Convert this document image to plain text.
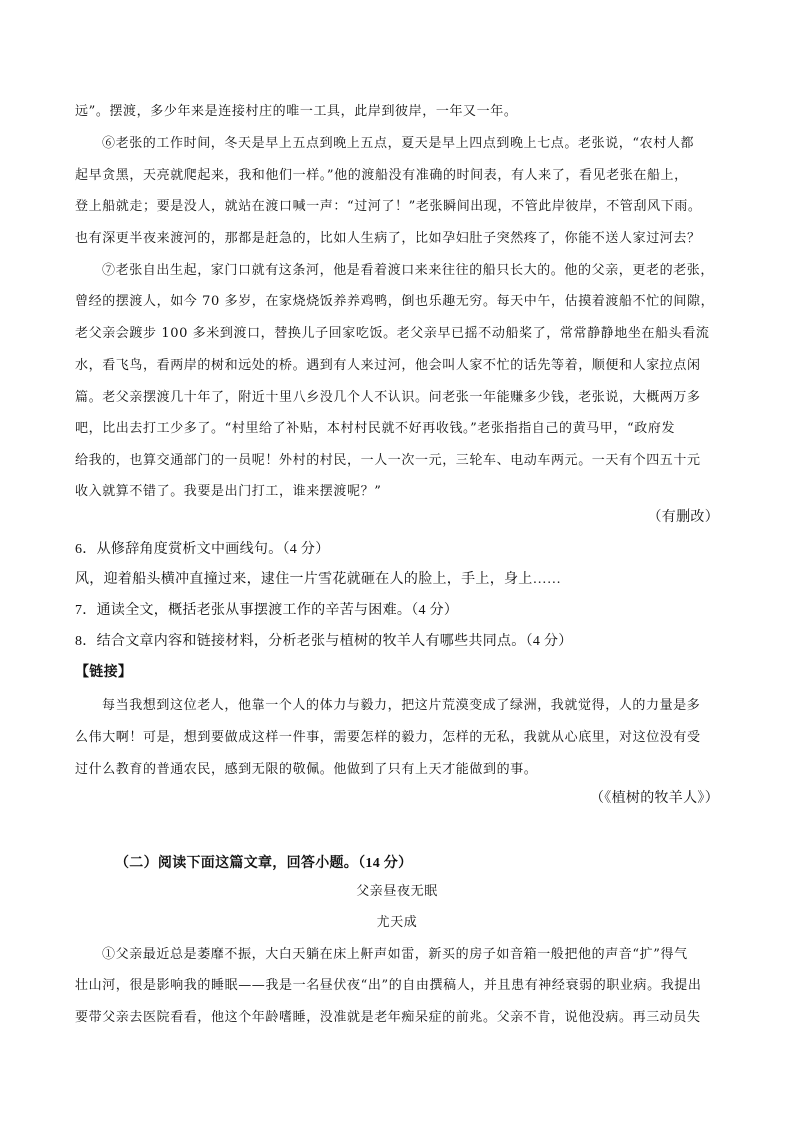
远”。摆渡，多少年来是连接村庄的唯一工具，此岸到彼岸，一年又一年。
⑥老张的工作时间，冬天是早上五点到晚上五点，夏天是早上四点到晚上七点。老张说，“农村人都
起早贪黑，天亮就爬起来，我和他们一样。”他的渡船没有准确的时间表，有人来了，看见老张在船上，
登上船就走；要是没人，就站在渡口喊一声：“过河了！”老张瞬间出现，不管此岸彼岸，不管刮风下雨。
也有深更半夜来渡河的，那都是赶急的，比如人生病了，比如孕妇肚子突然疼了，你能不送人家过河去？
⑦老张自出生起，家门口就有这条河，他是看着渡口来来往往的船只长大的。他的父亲，更老的老张，
曾经的摆渡人，如今 70 多岁，在家烧烧饭养养鸡鸭，倒也乐趣无穷。每天中午，估摸着渡船不忙的间隙，
老父亲会踱步 100 多米到渡口，替换儿子回家吃饭。老父亲早已摇不动船桨了，常常静静地坐在船头看流
水，看飞鸟，看两岸的树和远处的桥。遇到有人来过河，他会叫人家不忙的话先等着，顺便和人家拉点闲
篇。老父亲摆渡几十年了，附近十里八乡没几个人不认识。问老张一年能赚多少钱，老张说，大概两万多
吧，比出去打工少多了。“村里给了补贴，本村村民就不好再收钱。”老张指指自己的黄马甲，“政府发
给我的，也算交通部门的一员呢！外村的村民，一人一次一元，三轮车、电动车两元。一天有个四五十元
收入就算不错了。我要是出门打工，谁来摆渡呢？”
（有删改）
6．从修辞角度赏析文中画线句。（4 分）
风，迎着船头横冲直撞过来，逮住一片雪花就砸在人的脸上，手上，身上……
7．通读全文，概括老张从事摆渡工作的辛苦与困难。（4 分）
8．结合文章内容和链接材料，分析老张与植树的牧羊人有哪些共同点。（4 分）
【链接】
每当我想到这位老人，他靠一个人的体力与毅力，把这片荒漠变成了绿洲，我就觉得，人的力量是多
么伟大啊！可是，想到要做成这样一件事，需要怎样的毅力，怎样的无私，我就从心底里，对这位没有受
过什么教育的普通农民，感到无限的敬佩。他做到了只有上天才能做到的事。
（《植树的牧羊人》）
（二）阅读下面这篇文章，回答小题。（14 分）
父亲昼夜无眠
尤天成
①父亲最近总是萎靡不振，大白天躺在床上鼾声如雷，新买的房子如音箱一般把他的声音“扩”得气
壮山河，很是影响我的睡眠——我是一名昼伏夜“出”的自由撰稿人，并且患有神经衰弱的职业病。我提出
要带父亲去医院看看，他这个年龄嗜睡，没准就是老年痴呆症的前兆。父亲不肯，说他没病。再三动员失
